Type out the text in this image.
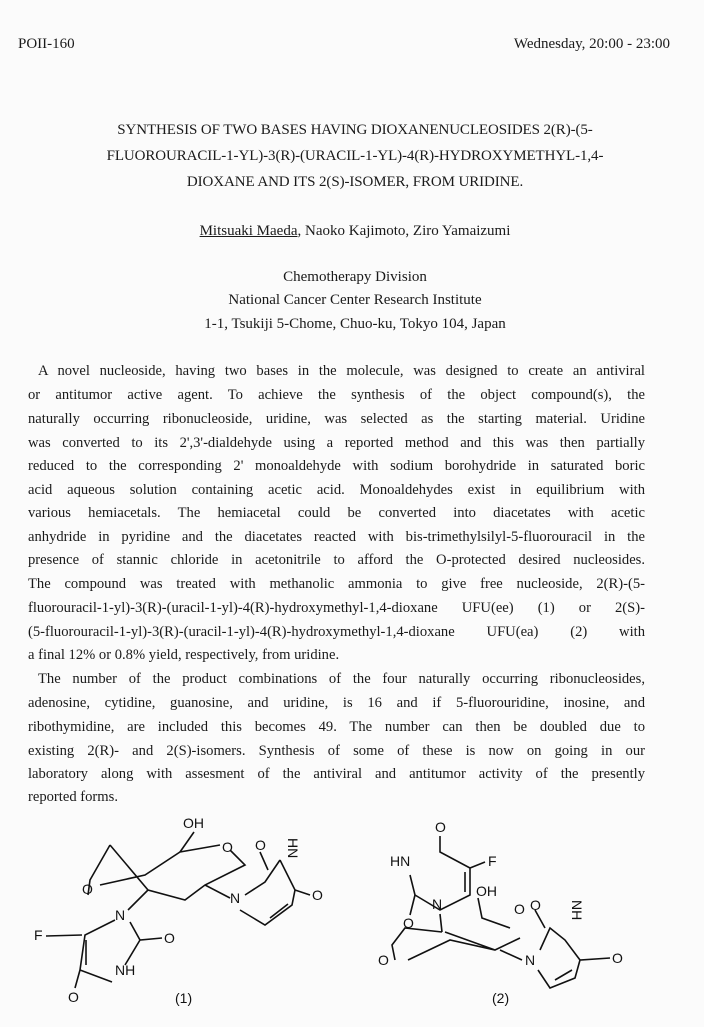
POII-160	Wednesday, 20:00 - 23:00
SYNTHESIS OF TWO BASES HAVING DIOXANENUCLEOSIDES 2(R)-(5-
FLUOROURACIL-1-YL)-3(R)-(URACIL-1-YL)-4(R)-HYDROXYMETHYL-1,4-
DIOXANE AND ITS 2(S)-ISOMER, FROM URIDINE.
Mitsuaki Maeda, Naoko Kajimoto, Ziro Yamaizumi
Chemotherapy Division
National Cancer Center Research Institute
1-1, Tsukiji 5-Chome, Chuo-ku, Tokyo 104, Japan
A novel nucleoside, having two bases in the molecule, was designed to create an antiviral
or antitumor active agent. To achieve the synthesis of the object compound(s), the
naturally occurring ribonucleoside, uridine, was selected as the starting material. Uridine
was converted to its 2',3'-dialdehyde using a reported method and this was then partially
reduced to the corresponding 2' monoaldehyde with sodium borohydride in saturated boric
acid aqueous solution containing acetic acid. Monoaldehydes exist in equilibrium with
various hemiacetals. The hemiacetal could be converted into diacetates with acetic
anhydride in pyridine and the diacetates reacted with bis-trimethylsilyl-5-fluorouracil in the
presence of stannic chloride in acetonitrile to afford the O-protected desired nucleosides.
The compound was treated with methanolic ammonia to give free nucleoside, 2(R)-(5-
fluorouracil-1-yl)-3(R)-(uracil-1-yl)-4(R)-hydroxymethyl-1,4-dioxane UFU(ee) (1) or 2(S)-
(5-fluorouracil-1-yl)-3(R)-(uracil-1-yl)-4(R)-hydroxymethyl-1,4-dioxane UFU(ea) (2) with
a final 12% or 0.8% yield, respectively, from uridine.
The number of the product combinations of the four naturally occurring ribonucleosides,
adenosine, cytidine, guanosine, and uridine, is 16 and if 5-fluorouridine, inosine, and
ribothymidine, are included this becomes 49. The number can then be doubled due to
existing 2(R)- and 2(S)-isomers. Synthesis of some of these is now on going in our
laboratory along with assesment of the antiviral and antitumor activity of the presently
reported forms.
OH
O
O
N
O HN
O
N
O
NH
O
F
(1)
O
HN	F
O
N
OH
O
O O NH
N	O
(2)
